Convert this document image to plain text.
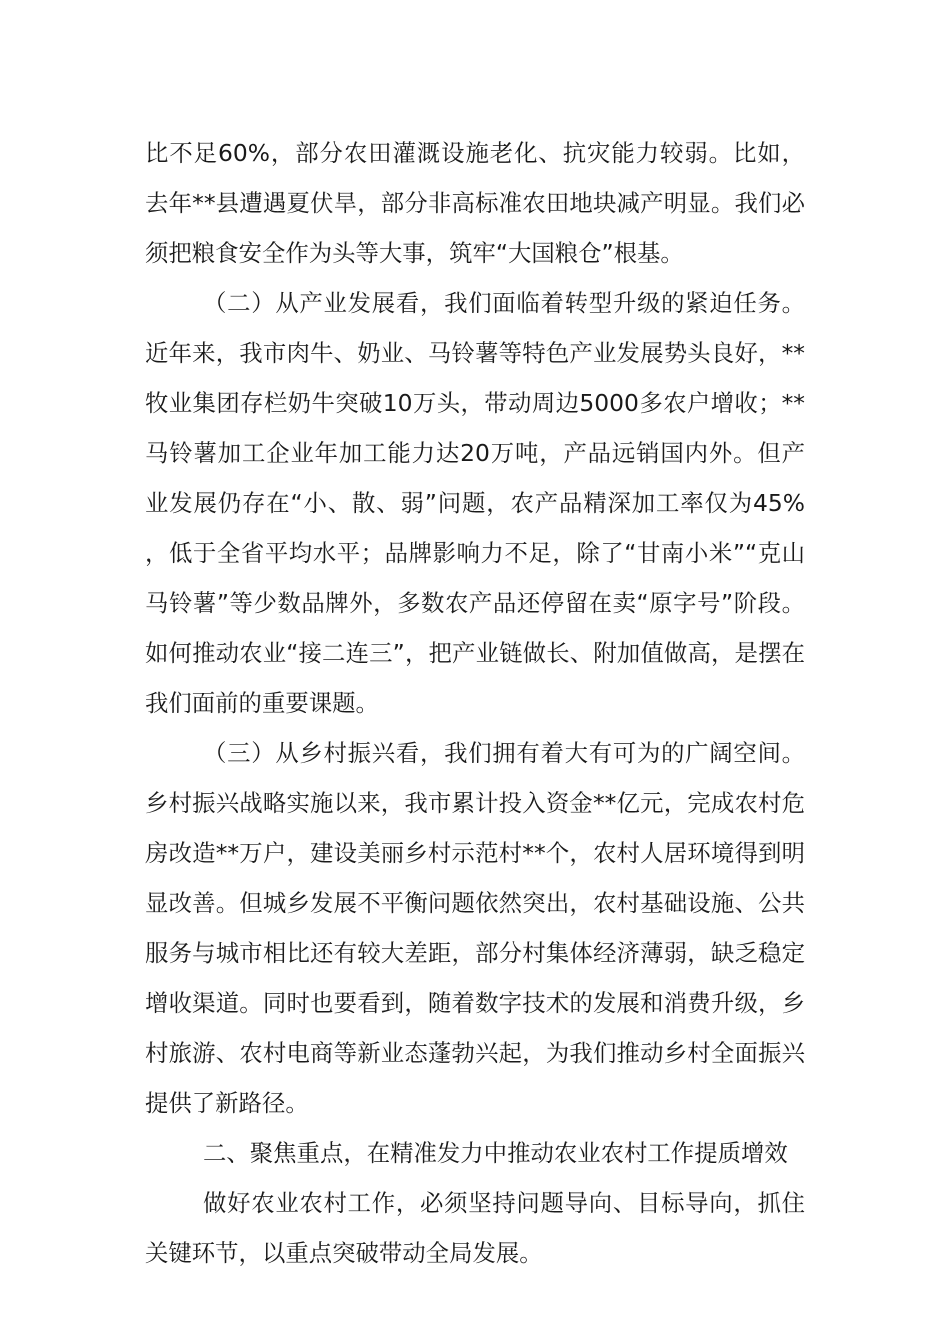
比不足60%，部分农田灌溉设施老化、抗灾能力较弱。比如，去年**县遭遇夏伏旱，部分非高标准农田地块减产明显。我们必须把粮食安全作为头等大事，筑牢“大国粮仓”根基。

（二）从产业发展看，我们面临着转型升级的紧迫任务。近年来，我市肉牛、奶业、马铃薯等特色产业发展势头良好，**牧业集团存栏奶牛突破10万头，带动周边5000多农户增收；**马铃薯加工企业年加工能力达20万吨，产品远销国内外。但产业发展仍存在“小、散、弱”问题，农产品精深加工率仅为45%，低于全省平均水平；品牌影响力不足，除了“甘南小米”“克山马铃薯”等少数品牌外，多数农产品还停留在卖“原字号”阶段。如何推动农业“接二连三”，把产业链做长、附加值做高，是摆在我们面前的重要课题。

（三）从乡村振兴看，我们拥有着大有可为的广阔空间。乡村振兴战略实施以来，我市累计投入资金**亿元，完成农村危房改造**万户，建设美丽乡村示范村**个，农村人居环境得到明显改善。但城乡发展不平衡问题依然突出，农村基础设施、公共服务与城市相比还有较大差距，部分村集体经济薄弱，缺乏稳定增收渠道。同时也要看到，随着数字技术的发展和消费升级，乡村旅游、农村电商等新业态蓬勃兴起，为我们推动乡村全面振兴提供了新路径。

二、聚焦重点，在精准发力中推动农业农村工作提质增效

做好农业农村工作，必须坚持问题导向、目标导向，抓住关键环节，以重点突破带动全局发展。
